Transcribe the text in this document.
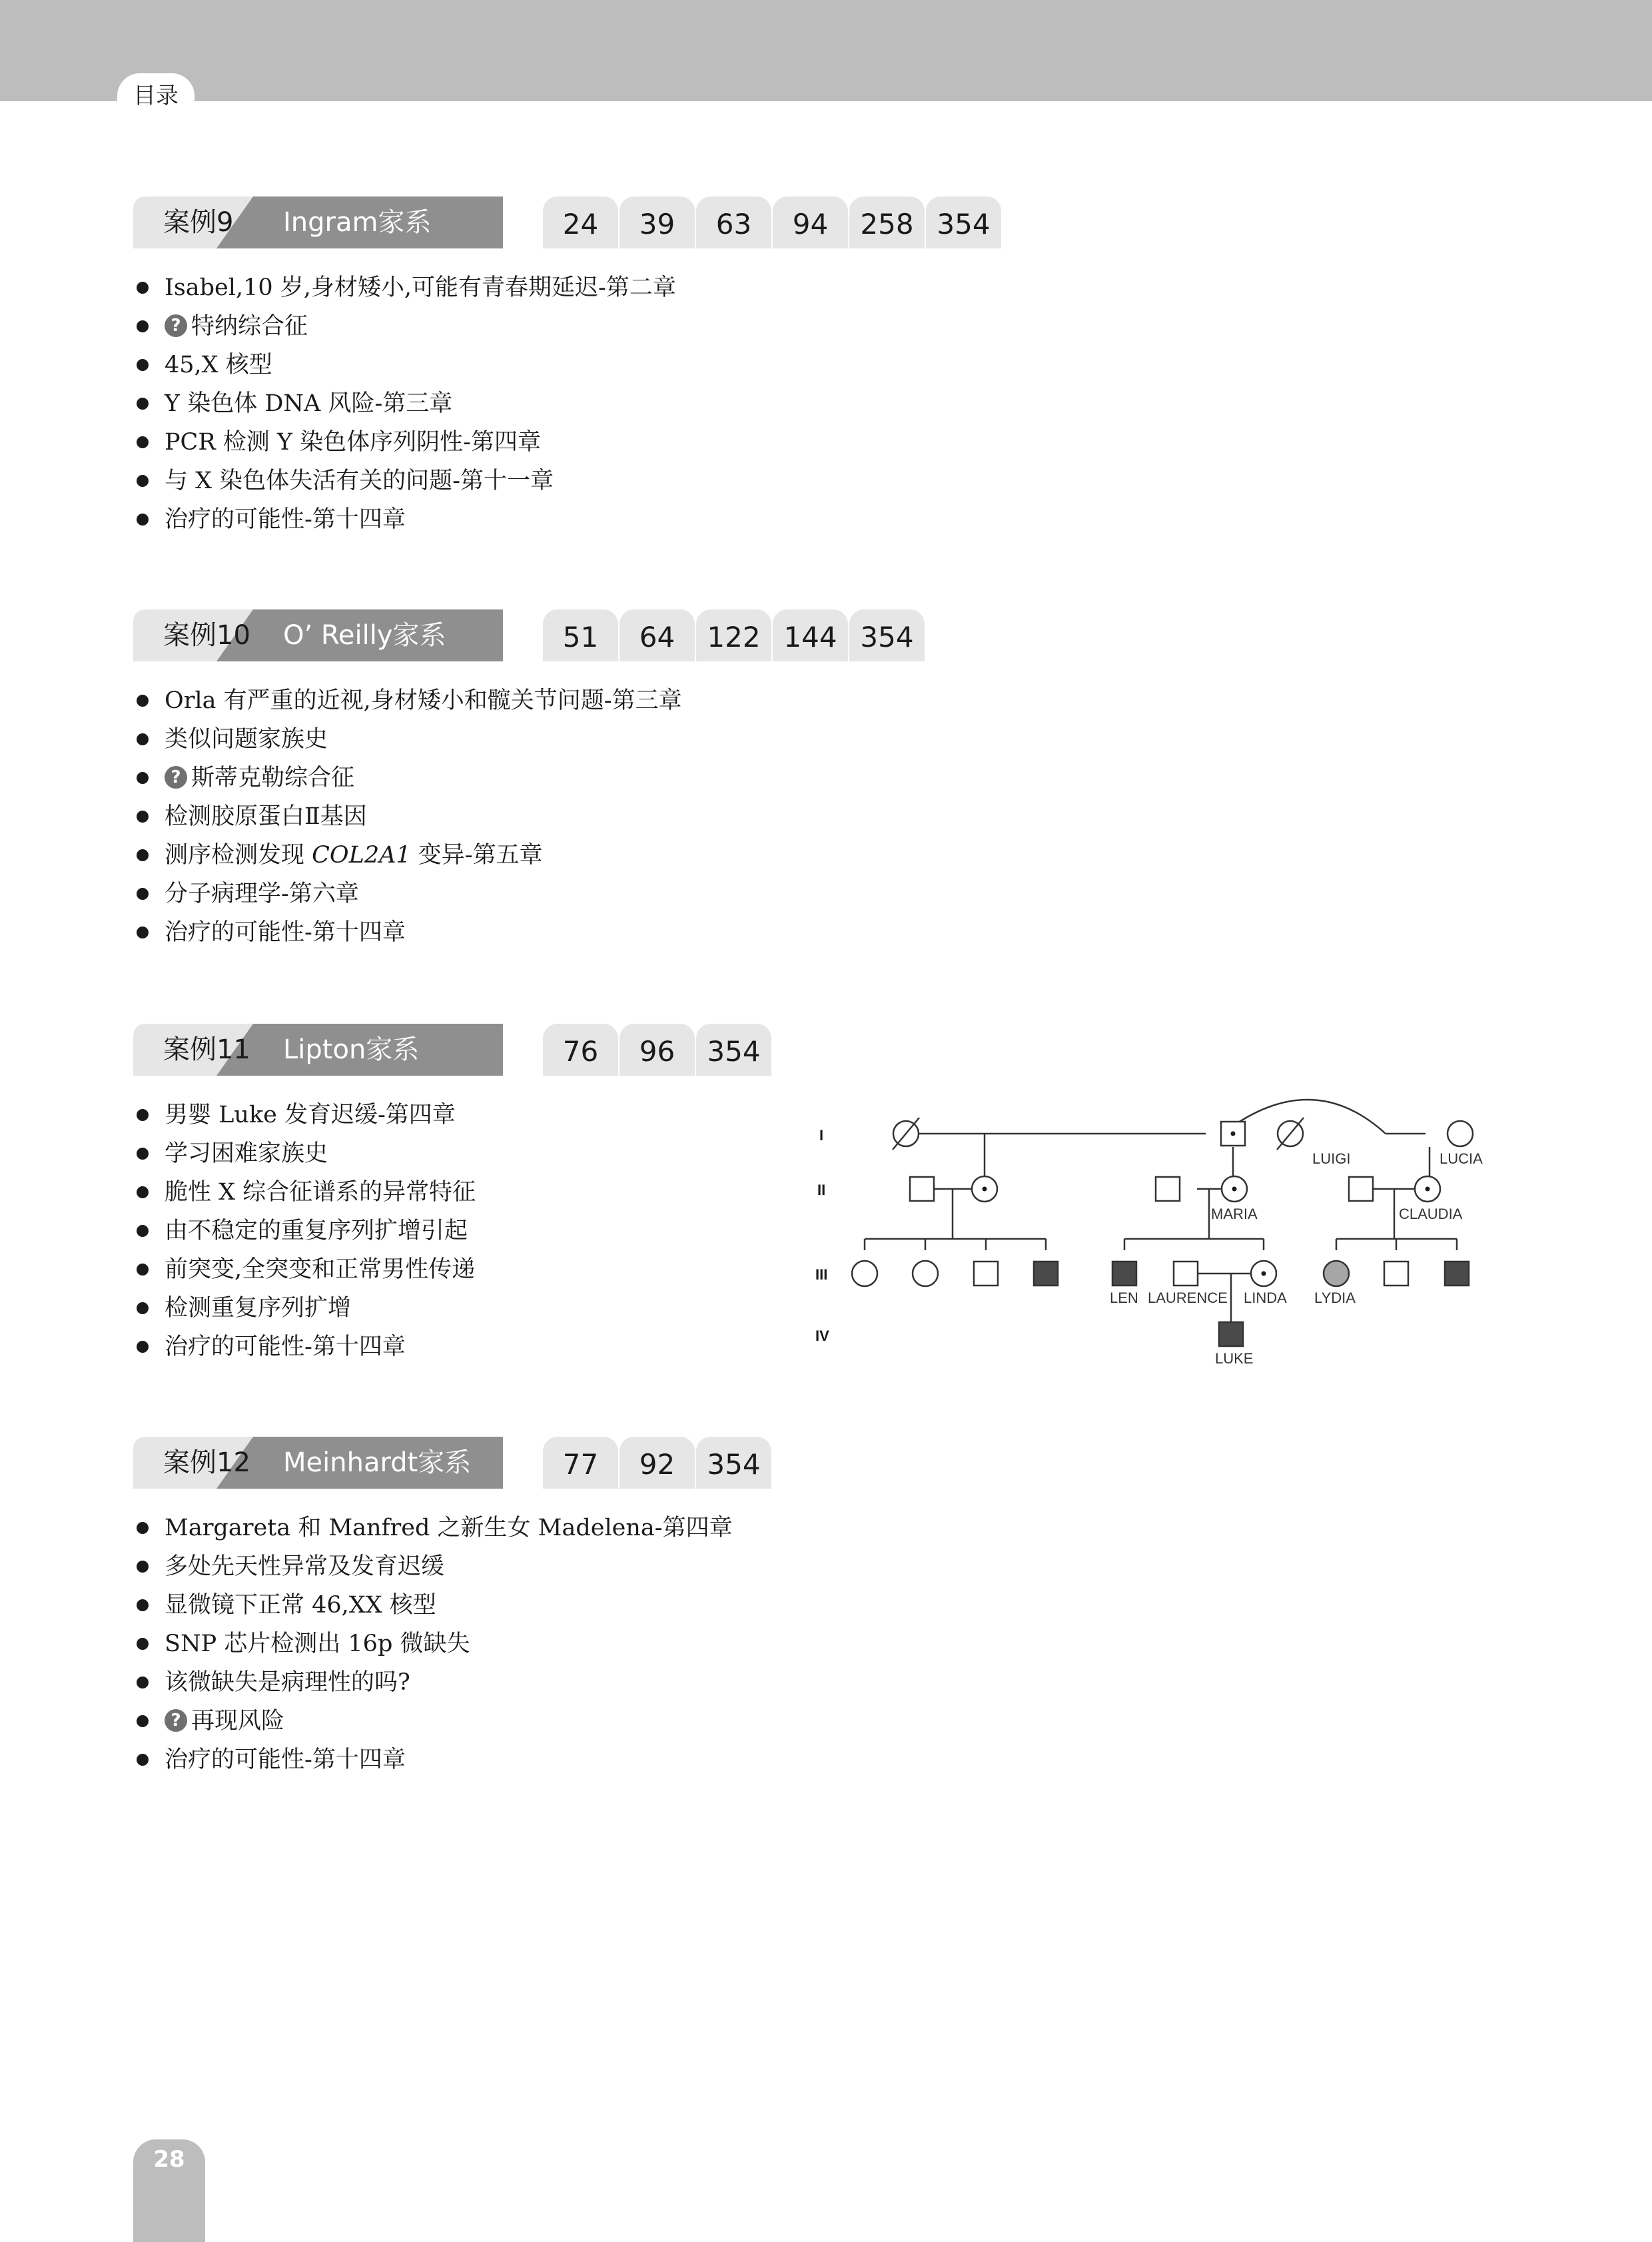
目录
案例9 Ingram家系	24	39	63	94	258 354
Isabel,10 岁,身材矮小,可能有青春期延迟-第二章
? 特纳综合征
45,X 核型
Y 染色体 DNA 风险-第三章
PCR 检测 Y 染色体序列阴性-第四章
与 X 染色体失活有关的问题-第十一章
治疗的可能性-第十四章
案例10 O’ Reilly家系	51	64	122 144 354
Orla 有严重的近视,身材矮小和髋关节问题-第三章
类似问题家族史
? 斯蒂克勒综合征
检测胶原蛋白Ⅱ基因
测序检测发现 COL2A1 变异-第五章
分子病理学-第六章
治疗的可能性-第十四章
案例11 Lipton家系	76	96	354
男婴 Luke 发育迟缓-第四章
学习困难家族史
脆性 X 综合征谱系的异常特征
由不稳定的重复序列扩增引起
前突变,全突变和正常男性传递
检测重复序列扩增
治疗的可能性-第十四章
I
II
III
IV
LUIGI	LUCIA
MARIA	CLAUDIA
LEN LAURENCE LINDA LYDIA
LUKE
案例12 Meinhardt家系	77	92	354
Margareta 和 Manfred 之新生女 Madelena-第四章
多处先天性异常及发育迟缓
显微镜下正常 46,XX 核型
SNP 芯片检测出 16p 微缺失
该微缺失是病理性的吗?
? 再现风险
治疗的可能性-第十四章
28
